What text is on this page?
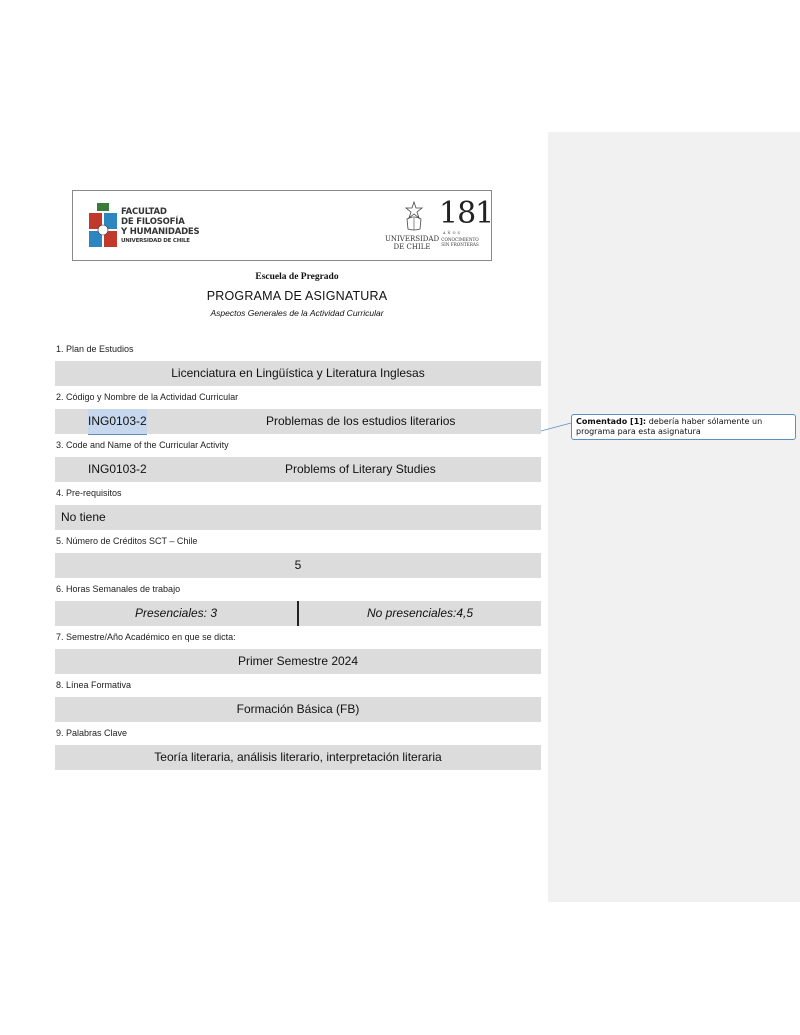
Comentado [1]: debería haber sólamente un programa para esta asignatura
FACULTAD
DE FILOSOFÍA
Y HUMANIDADES
UNIVERSIDAD DE CHILE	UNIVERSIDAD
DE CHILE
181
AÑOS
CONOCIMIENTO
SIN FRONTERAS
Escuela de Pregrado
PROGRAMA DE ASIGNATURA
Aspectos Generales de la Actividad Curricular
1. Plan de Estudios
Licenciatura en Lingüística y Literatura Inglesas
2. Código y Nombre de la Actividad Curricular
ING0103-2	Problemas de los estudios literarios
3. Code and Name of the Curricular Activity
ING0103-2	Problems of Literary Studies
4. Pre-requisitos
No tiene
5. Número de Créditos SCT – Chile
5
6. Horas Semanales de trabajo
Presenciales: 3	No presenciales:4,5
7. Semestre/Año Académico en que se dicta:
Primer Semestre 2024
8. Línea Formativa
Formación Básica (FB)
9. Palabras Clave
Teoría literaria, análisis literario, interpretación literaria
